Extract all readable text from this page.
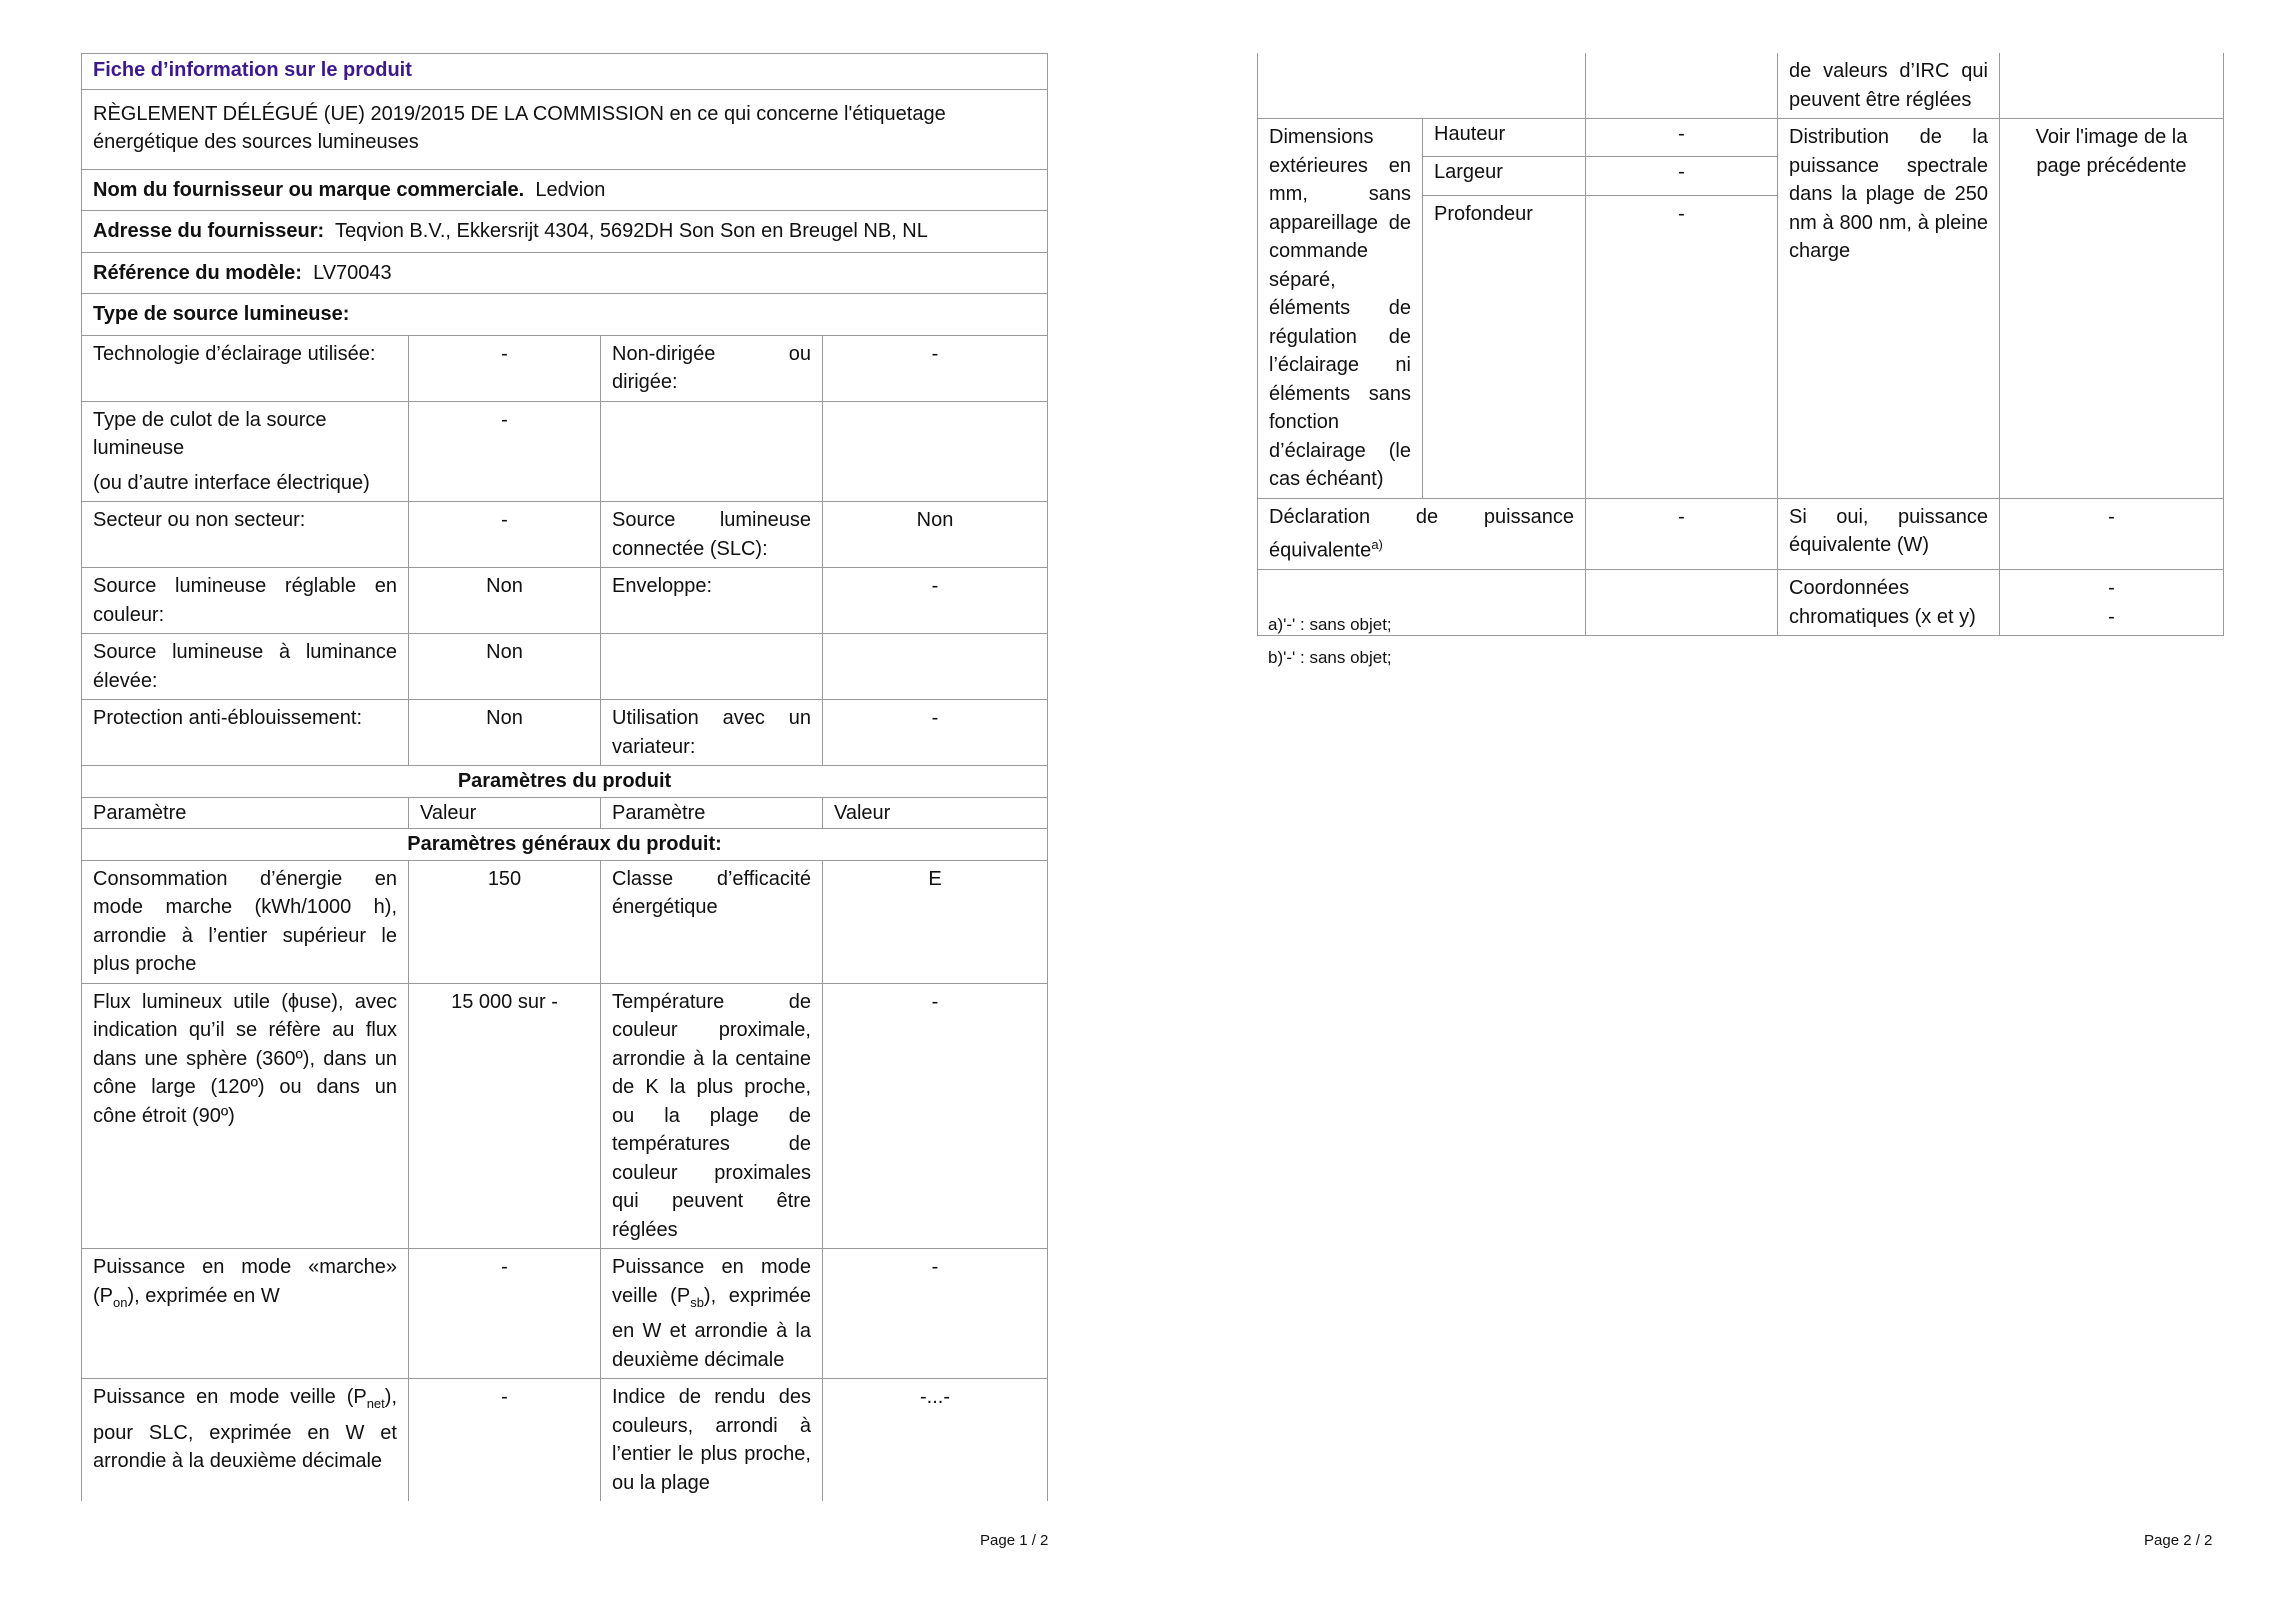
Fiche d’information sur le produit			
RÈGLEMENT DÉLÉGUÉ (UE) 2019/2015 DE LA COMMISSION en ce qui concerne l'étiquetage énergétique des sources lumineuses			
Nom du fournisseur ou marque commerciale. Ledvion			
Adresse du fournisseur: Teqvion B.V., Ekkersrijt 4304, 5692DH Son Son en Breugel NB, NL			
Référence du modèle: LV70043			
Type de source lumineuse:			
Technologie d’éclairage utilisée:	-	Non-dirigée ou dirigée:	-
Type de culot de la source lumineuse
(ou d’autre interface électrique)	-		
Secteur ou non secteur:	-	Source lumineuse connectée (SLC):	Non
Source lumineuse réglable en couleur:	Non	Enveloppe:	-
Source lumineuse à luminance élevée:	Non		
Protection anti-éblouissement:	Non	Utilisation avec un variateur:	-
Paramètres du produit			
Paramètre	Valeur	Paramètre	Valeur
Paramètres généraux du produit:			
Consommation d’énergie en mode marche (kWh/1000 h), arrondie à l’entier supérieur le plus proche	150	Classe d’efficacité énergétique	E
Flux lumineux utile (ϕuse), avec indication qu’il se réfère au flux dans une sphère (360º), dans un cône large (120º) ou dans un cône étroit (90º)	15 000 sur -	Température de couleur proximale, arrondie à la centaine de K la plus proche, ou la plage de températures de couleur proximales qui peuvent être réglées	-
Puissance en mode «marche» $(P_{on})$, exprimée en W	-	Puissance en mode veille $(P_{sb})$, exprimée en W et arrondie à la deuxième décimale	-
Puissance en mode veille $(P_{net})$, pour SLC, exprimée en W et arrondie à la deuxième décimale	-	Indice de rendu des couleurs, arrondi à l’entier le plus proche, ou la plage	-...-
Page 1 / 2
			de valeurs d’IRC qui peuvent être réglées	
Dimensions extérieures en mm, sans appareillage de commande séparé, éléments de régulation de l’éclairage ni éléments sans fonction d’éclairage (le cas échéant)	Hauteur	-	Distribution de la puissance spectrale dans la plage de 250 nm à 800 nm, à pleine charge	Voir l'image de la page précédente
	Largeur	-		
	Profondeur	-		
Déclaration de puissance équivalente$^{a)}$		-	Si oui, puissance équivalente (W)	-
			Coordonnées chromatiques (x et y)	-
-
a)'-' : sans objet;
b)'-' : sans objet;
Page 2 / 2
